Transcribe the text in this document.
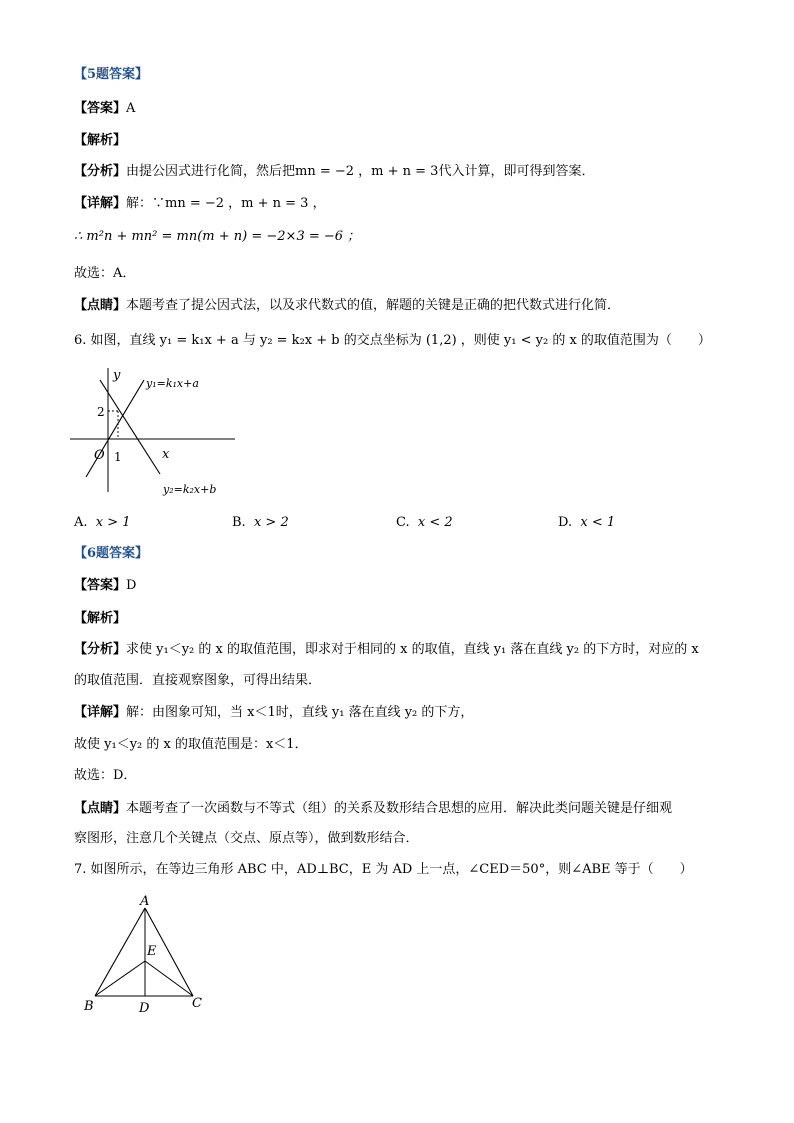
【5题答案】
【答案】A
【解析】
【分析】由提公因式进行化简，然后把mn = −2 ，m + n = 3代入计算，即可得到答案．
【详解】解：∵mn = −2 ，m + n = 3 ，
∴ m²n + mn² = mn(m + n) = −2×3 = −6 ；
故选：A．
【点睛】本题考查了提公因式法，以及求代数式的值，解题的关键是正确的把代数式进行化简．
6. 如图，直线 y₁ = k₁x + a 与 y₂ = k₂x + b 的交点坐标为 (1,2) ，则使 y₁ < y₂ 的 x 的取值范围为（　　）
y
x
O 1
2
y₁=k₁x+a
y₂=k₂x+b
A. x > 1	B. x > 2	C. x < 2	D. x < 1
【6题答案】
【答案】D
【解析】
【分析】求使 y₁＜y₂ 的 x 的取值范围，即求对于相同的 x 的取值，直线 y₁ 落在直线 y₂ 的下方时，对应的 x
的取值范围．直接观察图象，可得出结果．
【详解】解：由图象可知，当 x＜1时，直线 y₁ 落在直线 y₂ 的下方，
故使 y₁＜y₂ 的 x 的取值范围是：x＜1．
故选：D．
【点睛】本题考查了一次函数与不等式（组）的关系及数形结合思想的应用．解决此类问题关键是仔细观
察图形，注意几个关键点（交点、原点等），做到数形结合．
7. 如图所示，在等边三角形 ABC 中，AD⊥BC，E 为 AD 上一点，∠CED＝50°，则∠ABE 等于（　　）
A
B	C
D
E
